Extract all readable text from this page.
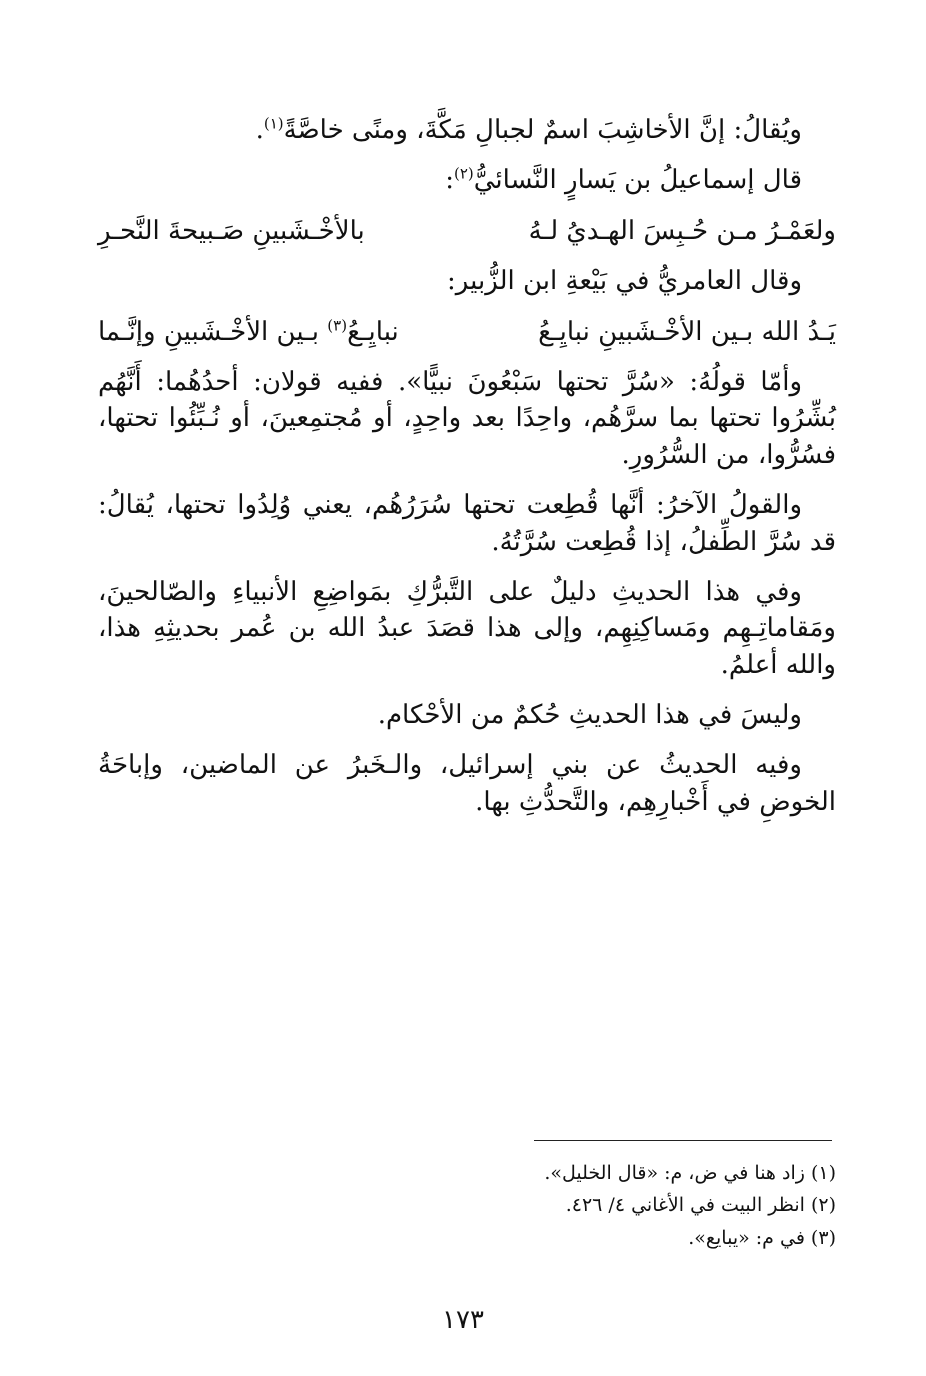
ويُقالُ: إنَّ الأخاشِبَ اسمٌ لجبالِ مَكَّةَ، ومنًى خاصَّةً$^{(١)}$.

قال إسماعيلُ بن يَسارٍ النَّسائيُّ$^{(٢)}$:

ولعَمْـرُ مـن حُـبِسَ الهـديُ لـهُ
بالأخْـشَبينِ صَـبيحةَ النَّحـرِ

وقال العامريُّ في بَيْعةِ ابن الزُّبير:

يَـدُ الله بـين الأخْـشَبينِ نبايِـعُ
نبايِـعُ$^{(٣)}$ بـين الأخْـشَبينِ وإنَّـما

وأمّا قولُهُ: «سُرَّ تحتها سَبْعُونَ نبيًّا». ففيه قولان: أحدُهُما: أَنَّهُم بُشِّرُوا تحتها بما سرَّهُم، واحِدًا بعد واحِدٍ، أو مُجتمِعينَ، أو نُـبِّئُوا تحتها، فسُرُّوا، من السُّرُورِ.

والقولُ الآخرُ: أنَّها قُطِعت تحتها سُرَرُهُم، يعني وُلِدُوا تحتها، يُقالُ: قد سُرَّ الطِّفلُ، إذا قُطِعت سُرَّتُهُ.

وفي هذا الحديثِ دليلٌ على التَّبرُّكِ بمَواضِعِ الأنبياءِ والصّالحينَ، ومَقاماتِـهِم ومَساكِنِهِم، وإلى هذا قصَدَ عبدُ الله بن عُمر بحديثِهِ هذا، والله أعلمُ.

وليسَ في هذا الحديثِ حُكمٌ من الأحْكام.

وفيه الحديثُ عن بني إسرائيل، والـخَبرُ عن الماضين، وإباحَةُ الخوضِ في أَخْبارِهِم، والتَّحدُّثِ بها.

(١) زاد هنا في ض، م: «قال الخليل».
(٢) انظر البيت في الأغاني ٤/ ٤٢٦.
(٣) في م: «يبايع».
١٧٣
